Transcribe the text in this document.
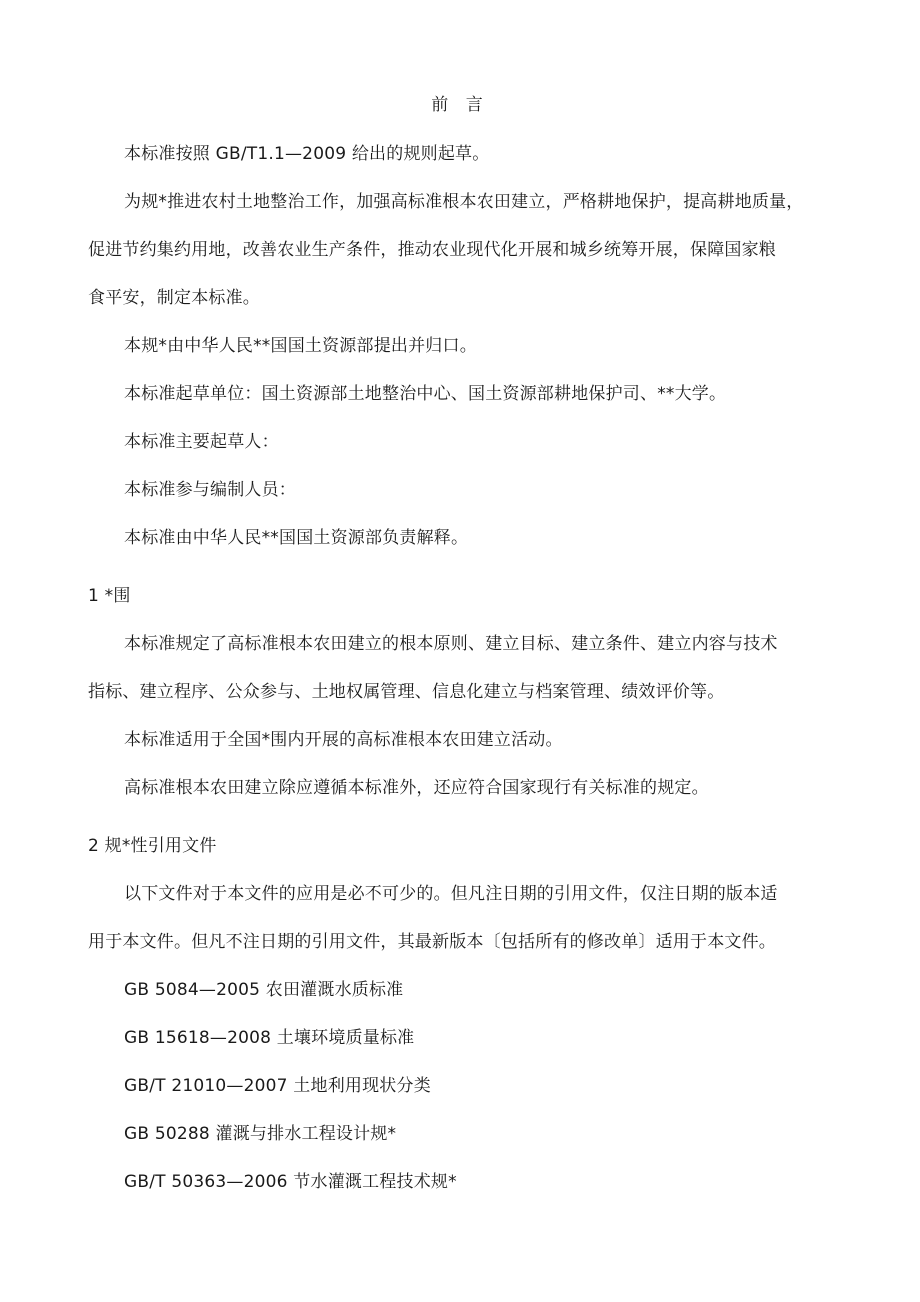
前 言
本标准按照 GB/T1.1—2009 给出的规则起草。
为规*推进农村土地整治工作，加强高标准根本农田建立，严格耕地保护，提高耕地质量，
促进节约集约用地，改善农业生产条件，推动农业现代化开展和城乡统筹开展，保障国家粮
食平安，制定本标准。
本规*由中华人民**国国土资源部提出并归口。
本标准起草单位：国土资源部土地整治中心、国土资源部耕地保护司、**大学。
本标准主要起草人：
本标准参与编制人员：
本标准由中华人民**国国土资源部负责解释。
1 *围
本标准规定了高标准根本农田建立的根本原则、建立目标、建立条件、建立内容与技术
指标、建立程序、公众参与、土地权属管理、信息化建立与档案管理、绩效评价等。
本标准适用于全国*围内开展的高标准根本农田建立活动。
高标准根本农田建立除应遵循本标准外，还应符合国家现行有关标准的规定。
2 规*性引用文件
以下文件对于本文件的应用是必不可少的。但凡注日期的引用文件，仅注日期的版本适
用于本文件。但凡不注日期的引用文件，其最新版本〔包括所有的修改单〕适用于本文件。
GB 5084—2005 农田灌溉水质标准
GB 15618—2008 土壤环境质量标准
GB/T 21010—2007 土地利用现状分类
GB 50288 灌溉与排水工程设计规*
GB/T 50363—2006 节水灌溉工程技术规*
